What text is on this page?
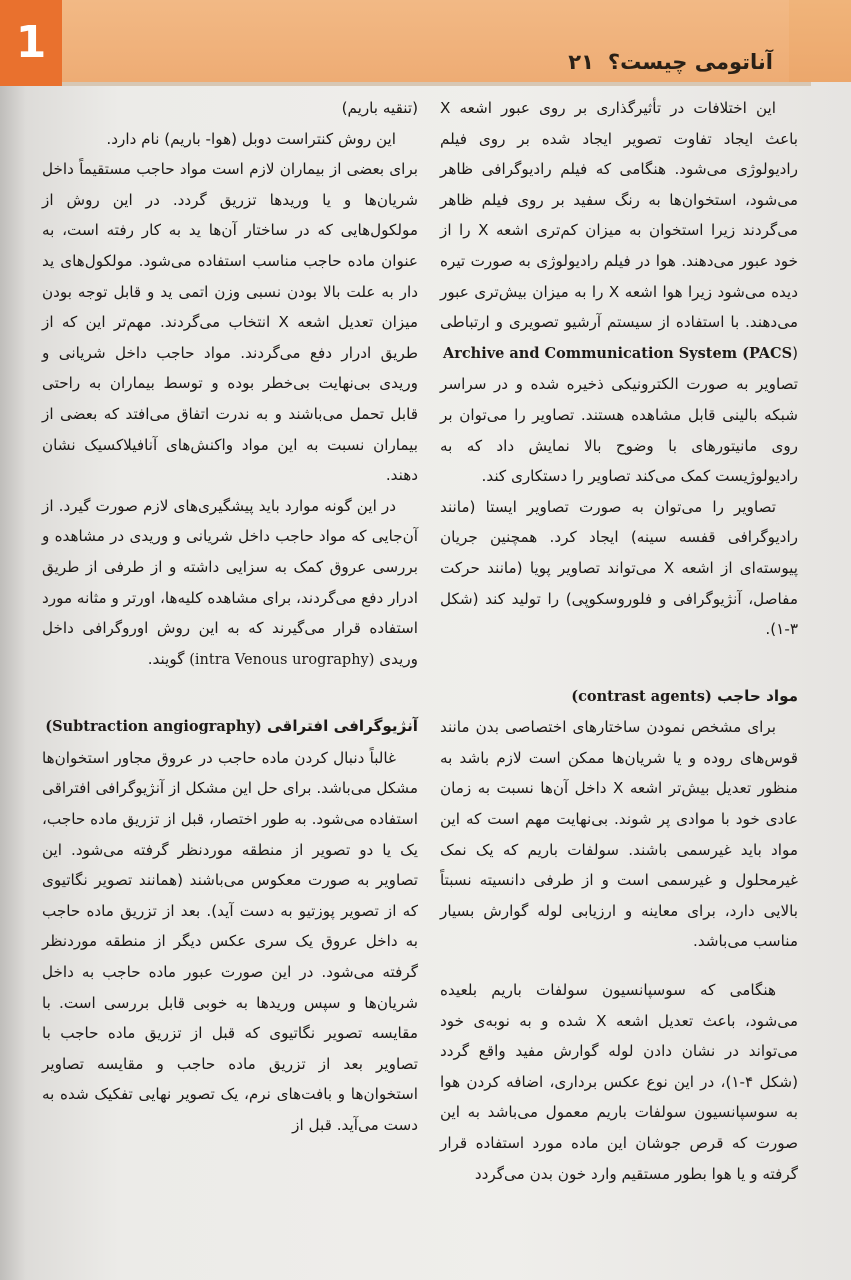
آناتومی چیست؟۲۱
1

این اختلافات در تأثیرگذاری بر روی عبور اشعه X باعث ایجاد تفاوت تصویر ایجاد شده بر روی فیلم رادیولوژی می‌شود. هنگامی که فیلم رادیوگرافی ظاهر می‌شود، استخوان‌ها به رنگ سفید بر روی فیلم ظاهر می‌گردند زیرا استخوان به میزان کم‌تری اشعه X را از خود عبور می‌دهند. هوا در فیلم رادیولوژی به صورت تیره دیده می‌شود زیرا هوا اشعه X را به میزان بیش‌تری عبور می‌دهند. با استفاده از سیستم آرشیو تصویری و ارتباطی (Archive and Communication System (PACS

تصاویر به صورت الکترونیکی ذخیره شده و در سراسر شبکه بالینی قابل مشاهده هستند. تصاویر را می‌توان بر روی مانیتورهای با وضوح بالا نمایش داد که به رادیولوژیست کمک می‌کند تصاویر را دستکاری کند.

تصاویر را می‌توان به صورت تصاویر ایستا (مانند رادیوگرافی قفسه سینه) ایجاد کرد. همچنین جریان پیوسته‌ای از اشعه X می‌تواند تصاویر پویا (مانند حرکت مفاصل، آنژیوگرافی و فلوروسکوپی) را تولید کند (شکل ۳-۱).

مواد حاجب (contrast agents)

برای مشخص نمودن ساختارهای اختصاصی بدن مانند قوس‌های روده و یا شریان‌ها ممکن است لازم باشد به منظور تعدیل بیش‌تر اشعه X داخل آن‌ها نسبت به زمان عادی خود با موادی پر شوند. بی‌نهایت مهم است که این مواد باید غیرسمی باشند. سولفات باریم که یک نمک غیرمحلول و غیرسمی است و از طرفی دانسیته نسبتاً بالایی دارد، برای معاینه و ارزیابی لوله گوارش بسیار مناسب می‌باشد.

هنگامی که سوسپانسیون سولفات باریم بلعیده می‌شود، باعث تعدیل اشعه X شده و به نوبه‌ی خود می‌تواند در نشان دادن لوله گوارش مفید واقع گردد (شکل ۴-۱)، در این نوع عکس برداری، اضافه کردن هوا به سوسپانسیون سولفات باریم معمول می‌باشد به این صورت که قرص جوشان این ماده مورد استفاده قرار گرفته و یا هوا بطور مستقیم وارد خون بدن می‌گردد

(تنقیه باریم)

این روش کنتراست دوبل (هوا- باریم) نام دارد.

برای بعضی از بیماران لازم است مواد حاجب مستقیماً داخل شریان‌ها و یا وریدها تزریق گردد. در این روش از مولکول‌هایی که در ساختار آن‌ها ید به کار رفته است، به عنوان ماده حاجب مناسب استفاده می‌شود. مولکول‌های ید دار به علت بالا بودن نسبی وزن اتمی ید و قابل توجه بودن میزان تعدیل اشعه X انتخاب می‌گردند. مهم‌تر این که از طریق ادرار دفع می‌گردند. مواد حاجب داخل شریانی و وریدی بی‌نهایت بی‌خطر بوده و توسط بیماران به راحتی قابل تحمل می‌باشند و به ندرت اتفاق می‌افتد که بعضی از بیماران نسبت به این مواد واکنش‌های آنافیلاکسیک نشان دهند.

در این گونه موارد باید پیشگیری‌های لازم صورت گیرد. از آن‌جایی که مواد حاجب داخل شریانی و وریدی در مشاهده و بررسی عروق کمک به سزایی داشته و از طرفی از طریق ادرار دفع می‌گردند، برای مشاهده کلیه‌ها، اورتر و مثانه مورد استفاده قرار می‌گیرند که به این روش اوروگرافی داخل وریدی (intra Venous urography) گویند.

آنژیوگرافی افتراقی (Subtraction angiography)

غالباً دنبال کردن ماده حاجب در عروق مجاور استخوان‌ها مشکل می‌باشد. برای حل این مشکل از آنژیوگرافی افتراقی استفاده می‌شود. به طور اختصار، قبل از تزریق ماده حاجب، یک یا دو تصویر از منطقه موردنظر گرفته می‌شود. این تصاویر به صورت معکوس می‌باشند (همانند تصویر نگاتیوی که از تصویر پوزتیو به دست آید). بعد از تزریق ماده حاجب به داخل عروق یک سری عکس دیگر از منطقه موردنظر گرفته می‌شود. در این صورت عبور ماده حاجب به داخل شریان‌ها و سپس وریدها به خوبی قابل بررسی است. با مقایسه تصویر نگاتیوی که قبل از تزریق ماده حاجب با تصاویر بعد از تزریق ماده حاجب و مقایسه تصاویر استخوان‌ها و بافت‌های نرم، یک تصویر نهایی تفکیک شده به دست می‌آید. قبل از
